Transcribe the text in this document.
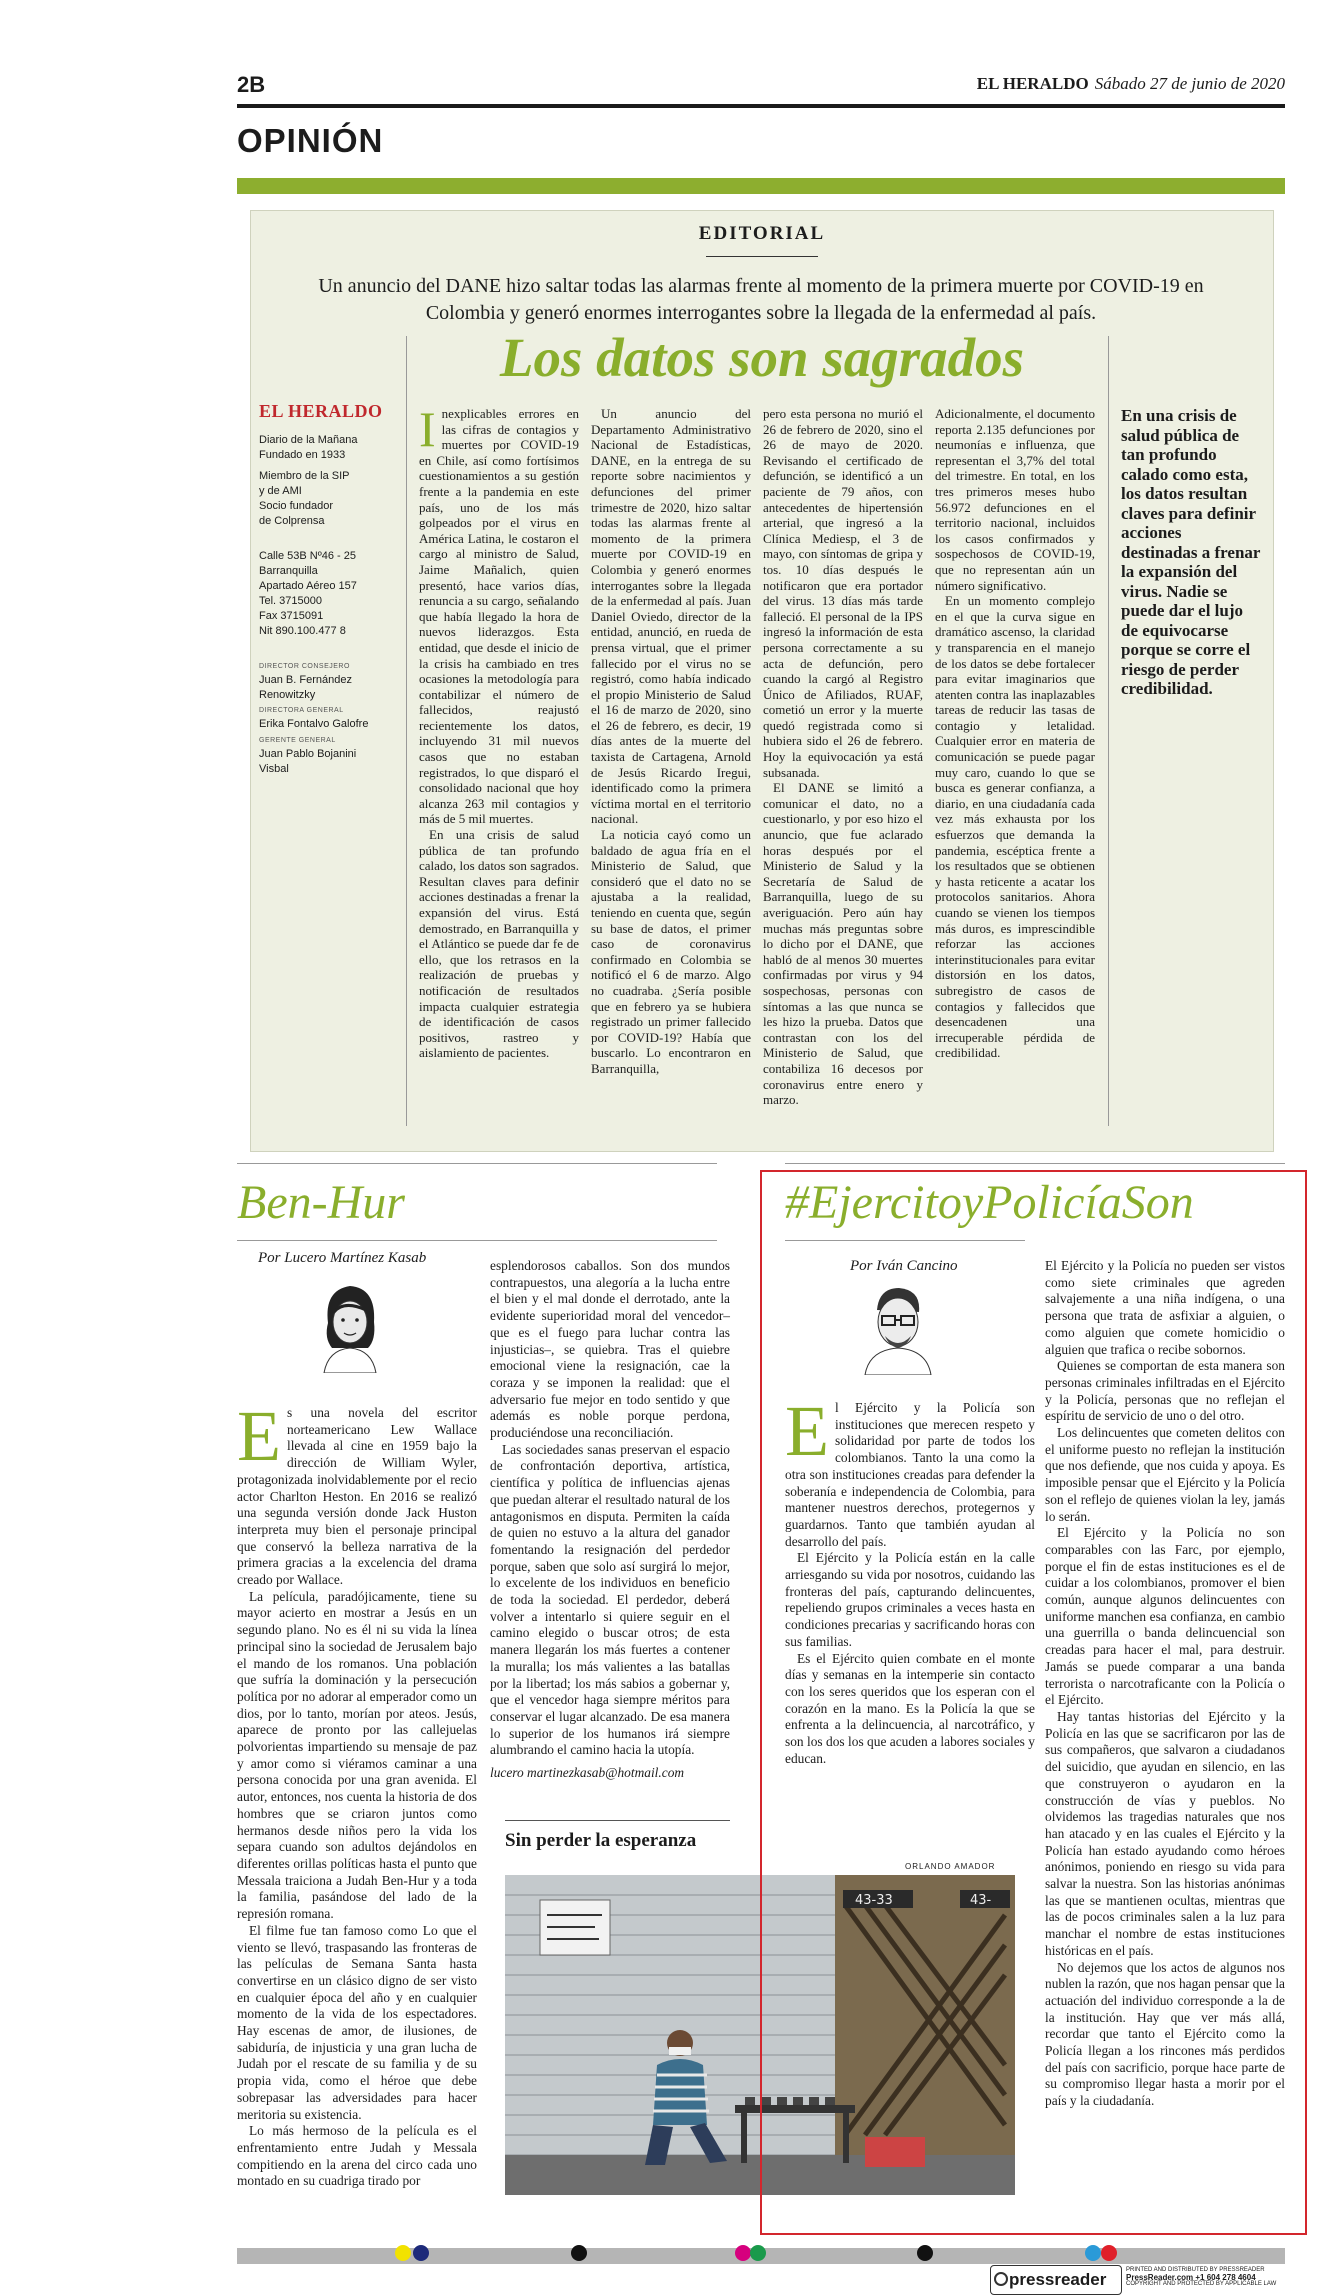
2B	EL HERALDO Sábado 27 de junio de 2020
OPINIÓN
EDITORIAL
Un anuncio del DANE hizo saltar todas las alarmas frente al momento de la primera muerte por COVID-19 en Colombia y generó enormes interrogantes sobre la llegada de la enfermedad al país.
Los datos son sagrados
EL HERALDO
Diario de la Mañana
Fundado en 1933
Miembro de la SIP
y de AMI
Socio fundador
de Colprensa
Calle 53B Nº46 - 25
Barranquilla
Apartado Aéreo 157
Tel. 3715000
Fax 3715091
Nit 890.100.477 8
DIRECTOR CONSEJERO
Juan B. Fernández
Renowitzky
DIRECTORA GENERAL
Erika Fontalvo Galofre
GERENTE GENERAL
Juan Pablo Bojanini
Visbal

Inexplicables errores en las cifras de contagios y muertes por COVID-19 en Chile, así como fortísimos cuestionamientos a su gestión frente a la pandemia en este país, uno de los más golpeados por el virus en América Latina, le costaron el cargo al ministro de Salud, Jaime Mañalich, quien presentó, hace varios días, renuncia a su cargo, señalando que había llegado la hora de nuevos liderazgos. Esta entidad, que desde el inicio de la crisis ha cambiado en tres ocasiones la metodología para contabilizar el número de fallecidos, reajustó recientemente los datos, incluyendo 31 mil nuevos casos que no estaban registrados, lo que disparó el consolidado nacional que hoy alcanza 263 mil contagios y más de 5 mil muertes.

En una crisis de salud pública de tan profundo calado, los datos son sagrados. Resultan claves para definir acciones destinadas a frenar la expansión del virus. Está demostrado, en Barranquilla y el Atlántico se puede dar fe de ello, que los retrasos en la realización de pruebas y notificación de resultados impacta cualquier estrategia de identificación de casos positivos, rastreo y aislamiento de pacientes.

Un anuncio del Departamento Administrativo Nacional de Estadísticas, DANE, en la entrega de su reporte sobre nacimientos y defunciones del primer trimestre de 2020, hizo saltar todas las alarmas frente al momento de la primera muerte por COVID-19 en Colombia y generó enormes interrogantes sobre la llegada de la enfermedad al país. Juan Daniel Oviedo, director de la entidad, anunció, en rueda de prensa virtual, que el primer fallecido por el virus no se registró, como había indicado el propio Ministerio de Salud el 16 de marzo de 2020, sino el 26 de febrero, es decir, 19 días antes de la muerte del taxista de Cartagena, Arnold de Jesús Ricardo Iregui, identificado como la primera víctima mortal en el territorio nacional.

La noticia cayó como un baldado de agua fría en el Ministerio de Salud, que consideró que el dato no se ajustaba a la realidad, teniendo en cuenta que, según su base de datos, el primer caso de coronavirus confirmado en Colombia se notificó el 6 de marzo. Algo no cuadraba. ¿Sería posible que en febrero ya se hubiera registrado un primer fallecido por COVID-19? Había que buscarlo. Lo encontraron en Barranquilla,

pero esta persona no murió el 26 de febrero de 2020, sino el 26 de mayo de 2020. Revisando el certificado de defunción, se identificó a un paciente de 79 años, con antecedentes de hipertensión arterial, que ingresó a la Clínica Mediesp, el 3 de mayo, con síntomas de gripa y tos. 10 días después le notificaron que era portador del virus. 13 días más tarde falleció. El personal de la IPS ingresó la información de esta persona correctamente a su acta de defunción, pero cuando la cargó al Registro Único de Afiliados, RUAF, cometió un error y la muerte quedó registrada como si hubiera sido el 26 de febrero. Hoy la equivocación ya está subsanada.

El DANE se limitó a comunicar el dato, no a cuestionarlo, y por eso hizo el anuncio, que fue aclarado horas después por el Ministerio de Salud y la Secretaría de Salud de Barranquilla, luego de su averiguación. Pero aún hay muchas más preguntas sobre lo dicho por el DANE, que habló de al menos 30 muertes confirmadas por virus y 94 sospechosas, personas con síntomas a las que nunca se les hizo la prueba. Datos que contrastan con los del Ministerio de Salud, que contabiliza 16 decesos por coronavirus entre enero y marzo.

Adicionalmente, el documento reporta 2.135 defunciones por neumonías e influenza, que representan el 3,7% del total del trimestre. En total, en los tres primeros meses hubo 56.972 defunciones en el territorio nacional, incluidos los casos confirmados y sospechosos de COVID-19, que no representan aún un número significativo.

En un momento complejo en el que la curva sigue en dramático ascenso, la claridad y transparencia en el manejo de los datos se debe fortalecer para evitar imaginarios que atenten contra las inaplazables tareas de reducir las tasas de contagio y letalidad. Cualquier error en materia de comunicación se puede pagar muy caro, cuando lo que se busca es generar confianza, a diario, en una ciudadanía cada vez más exhausta por los esfuerzos que demanda la pandemia, escéptica frente a los resultados que se obtienen y hasta reticente a acatar los protocolos sanitarios. Ahora cuando se vienen los tiempos más duros, es imprescindible reforzar las acciones interinstitucionales para evitar distorsión en los datos, subregistro de casos de contagios y fallecidos que desencadenen una irrecuperable pérdida de credibilidad.

En una crisis de salud pública de tan profundo calado como esta, los datos resultan claves para definir acciones destinadas a frenar la expansión del virus. Nadie se puede dar el lujo de equivocarse porque se corre el riesgo de perder credibilidad.
Ben-Hur
Por Lucero Martínez Kasab

Es una novela del escritor norteamericano Lew Wallace llevada al cine en 1959 bajo la dirección de William Wyler, protagonizada inolvidablemente por el recio actor Charlton Heston. En 2016 se realizó una segunda versión donde Jack Huston interpreta muy bien el personaje principal que conservó la belleza narrativa de la primera gracias a la excelencia del drama creado por Wallace.

La película, paradójicamente, tiene su mayor acierto en mostrar a Jesús en un segundo plano. No es él ni su vida la línea principal sino la sociedad de Jerusalem bajo el mando de los romanos. Una población que sufría la dominación y la persecución política por no adorar al emperador como un dios, por lo tanto, morían por ateos. Jesús, aparece de pronto por las callejuelas polvorientas impartiendo su mensaje de paz y amor como si viéramos caminar a una persona conocida por una gran avenida. El autor, entonces, nos cuenta la historia de dos hombres que se criaron juntos como hermanos desde niños pero la vida los separa cuando son adultos dejándolos en diferentes orillas políticas hasta el punto que Messala traiciona a Judah Ben-Hur y a toda la familia, pasándose del lado de la represión romana.

El filme fue tan famoso como Lo que el viento se llevó, traspasando las fronteras de las películas de Semana Santa hasta convertirse en un clásico digno de ser visto en cualquier época del año y en cualquier momento de la vida de los espectadores. Hay escenas de amor, de ilusiones, de sabiduría, de injusticia y una gran lucha de Judah por el rescate de su familia y de su propia vida, como el héroe que debe sobrepasar las adversidades para hacer meritoria su existencia.

Lo más hermoso de la película es el enfrentamiento entre Judah y Messala compitiendo en la arena del circo cada uno montado en su cuadriga tirado por

esplendorosos caballos. Son dos mundos contrapuestos, una alegoría a la lucha entre el bien y el mal donde el derrotado, ante la evidente superioridad moral del vencedor–que es el fuego para luchar contra las injusticias–, se quiebra. Tras el quiebre emocional viene la resignación, cae la coraza y se imponen la realidad: que el adversario fue mejor en todo sentido y que además es noble porque perdona, produciéndose una reconciliación.

Las sociedades sanas preservan el espacio de confrontación deportiva, artística, científica y política de influencias ajenas que puedan alterar el resultado natural de los antagonismos en disputa. Permiten la caída de quien no estuvo a la altura del ganador fomentando la resignación del perdedor porque, saben que solo así surgirá lo mejor, lo excelente de los individuos en beneficio de toda la sociedad. El perdedor, deberá volver a intentarlo si quiere seguir en el camino elegido o buscar otros; de esta manera llegarán los más fuertes a contener la muralla; los más valientes a las batallas por la libertad; los más sabios a gobernar y, que el vencedor haga siempre méritos para conservar el lugar alcanzado. De esa manera lo superior de los humanos irá siempre alumbrando el camino hacia la utopía.

lucero martinezkasab@hotmail.com

Sin perder la esperanza
ORLANDO AMADOR
43-33	43-
#EjercitoyPolicíaSon
Por Iván Cancino

El Ejército y la Policía son instituciones que merecen respeto y solidaridad por parte de todos los colombianos. Tanto la una como la otra son instituciones creadas para defender la soberanía e independencia de Colombia, para mantener nuestros derechos, protegernos y guardarnos. Tanto que también ayudan al desarrollo del país.

El Ejército y la Policía están en la calle arriesgando su vida por nosotros, cuidando las fronteras del país, capturando delincuentes, repeliendo grupos criminales a veces hasta en condiciones precarias y sacrificando horas con sus familias.

Es el Ejército quien combate en el monte días y semanas en la intemperie sin contacto con los seres queridos que los esperan con el corazón en la mano. Es la Policía la que se enfrenta a la delincuencia, al narcotráfico, y son los dos los que acuden a labores sociales y educan.

El Ejército y la Policía no pueden ser vistos como siete criminales que agreden salvajemente a una niña indígena, o una persona que trata de asfixiar a alguien, o como alguien que comete homicidio o alguien que trafica o recibe sobornos.

Quienes se comportan de esta manera son personas criminales infiltradas en el Ejército y la Policía, personas que no reflejan el espíritu de servicio de uno o del otro.

Los delincuentes que cometen delitos con el uniforme puesto no reflejan la institución que nos defiende, que nos cuida y apoya. Es imposible pensar que el Ejército y la Policía son el reflejo de quienes violan la ley, jamás lo serán.

El Ejército y la Policía no son comparables con las Farc, por ejemplo, porque el fin de estas instituciones es el de cuidar a los colombianos, promover el bien común, aunque algunos delincuentes con uniforme manchen esa confianza, en cambio una guerrilla o banda delincuencial son creadas para hacer el mal, para destruir. Jamás se puede comparar a una banda terrorista o narcotraficante con la Policía o el Ejército.

Hay tantas historias del Ejército y la Policía en las que se sacrificaron por las de sus compañeros, que salvaron a ciudadanos del suicidio, que ayudan en silencio, en las que construyeron o ayudaron en la construcción de vías y pueblos. No olvidemos las tragedias naturales que nos han atacado y en las cuales el Ejército y la Policía han estado ayudando como héroes anónimos, poniendo en riesgo su vida para salvar la nuestra. Son las historias anónimas las que se mantienen ocultas, mientras que las de pocos criminales salen a la luz para manchar el nombre de estas instituciones históricas en el país.

No dejemos que los actos de algunos nos nublen la razón, que nos hagan pensar que la actuación del individuo corresponde a la de la institución. Hay que ver más allá, recordar que tanto el Ejército como la Policía llegan a los rincones más perdidos del país con sacrificio, porque hace parte de su compromiso llegar hasta a morir por el país y la ciudadanía.

pressreader	PRINTED AND DISTRIBUTED BY PRESSREADER
PressReader.com +1 604 278 4604
COPYRIGHT AND PROTECTED BY APPLICABLE LAW
